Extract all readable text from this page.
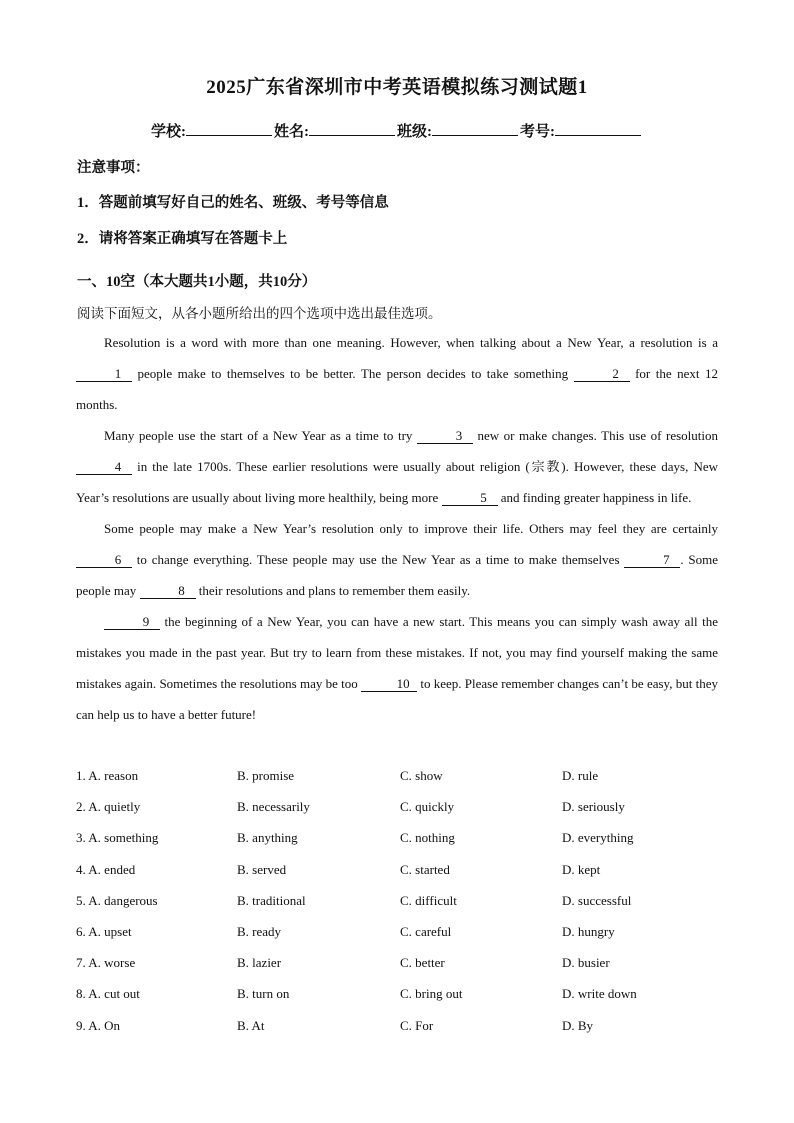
2025广东省深圳市中考英语模拟练习测试题1
学校:	姓名:	班级:	考号:
注意事项：
1．答题前填写好自己的姓名、班级、考号等信息
2．请将答案正确填写在答题卡上
一、10空（本大题共1小题，共10分）
阅读下面短文，从各小题所给出的四个选项中选出最佳选项。

Resolution is a word with more than one meaning. However, when talking about a New Year, a resolution is a 1 people make to themselves to be better. The person decides to take something	2 for the next 12 months.

Many people use the start of a New Year as a time to try	3 new or make changes. This use of resolution 4 in the late 1700s. These earlier resolutions were usually about religion (宗教). However, these days, New Year’s resolutions are usually about living more healthily, being more	5 and finding greater happiness in life.

Some people may make a New Year’s resolution only to improve their life. Others may feel they are certainly 6 to change everything. These people may use the New Year as a time to make themselves	7 . Some people may	8 their resolutions and plans to remember them easily.

9 the beginning of a New Year, you can have a new start. This means you can simply wash away all the mistakes you made in the past year. But try to learn from these mistakes. If not, you may find yourself making the same mistakes again. Sometimes the resolutions may be too	10 to keep. Please remember changes can’t be easy, but they can help us to have a better future!

1. A. reason	B. promise	C. show	D. rule
2. A. quietly	B. necessarily	C. quickly	D. seriously
3. A. something	B. anything	C. nothing	D. everything
4. A. ended	B. served	C. started	D. kept
5. A. dangerous	B. traditional	C. difficult	D. successful
6. A. upset	B. ready	C. careful	D. hungry
7. A. worse	B. lazier	C. better	D. busier
8. A. cut out	B. turn on	C. bring out	D. write down
9. A. On	B. At	C. For	D. By
